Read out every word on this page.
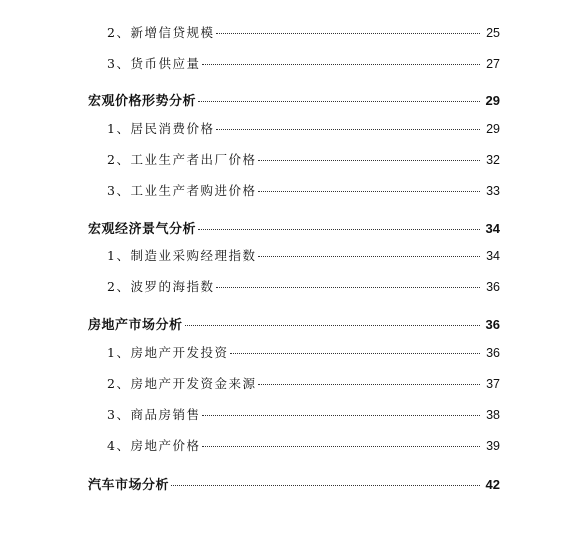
2、新增信贷规模	25
3、货币供应量	27
宏观价格形势分析	29
1、居民消费价格	29
2、工业生产者出厂价格	32
3、工业生产者购进价格	33
宏观经济景气分析	34
1、制造业采购经理指数	34
2、波罗的海指数	36
房地产市场分析	36
1、房地产开发投资	36
2、房地产开发资金来源	37
3、商品房销售	38
4、房地产价格	39
汽车市场分析	42
